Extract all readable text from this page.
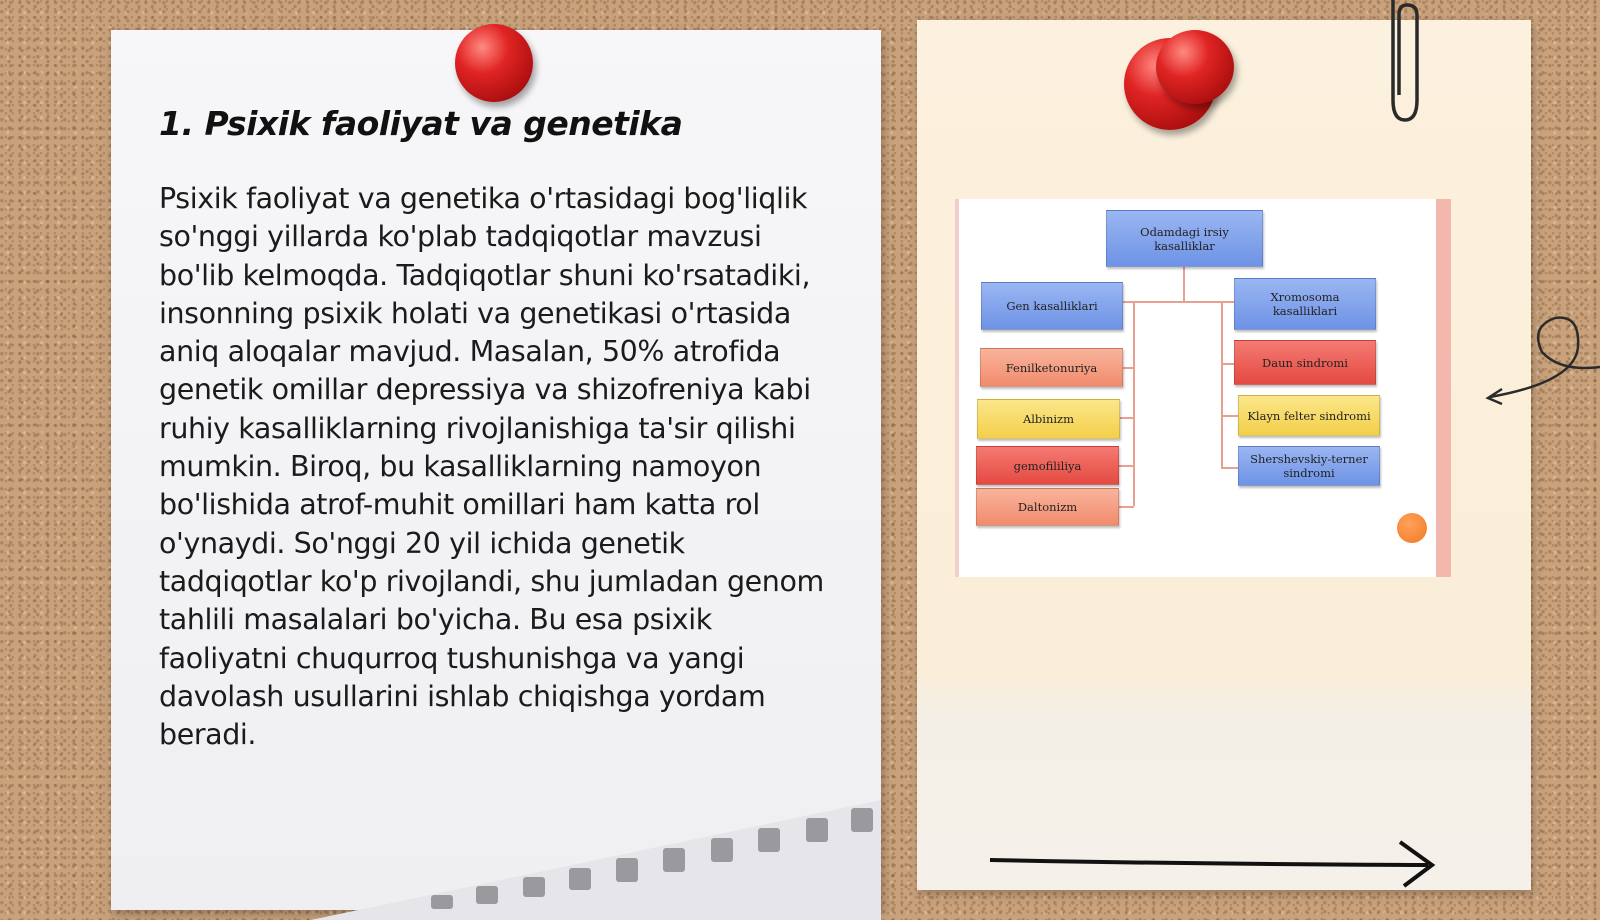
1. Psixik faoliyat va genetika

Psixik faoliyat va genetika o'rtasidagi bog'liqlik so'nggi yillarda ko'plab tadqiqotlar mavzusi bo'lib kelmoqda. Tadqiqotlar shuni ko'rsatadiki, insonning psixik holati va genetikasi o'rtasida aniq aloqalar mavjud. Masalan, 50% atrofida genetik omillar depressiya va shizofreniya kabi ruhiy kasalliklarning rivojlanishiga ta'sir qilishi mumkin. Biroq, bu kasalliklarning namoyon bo'lishida atrof-muhit omillari ham katta rol o'ynaydi. So'nggi 20 yil ichida genetik tadqiqotlar ko'p rivojlandi, shu jumladan genom tahlili masalalari bo'yicha. Bu esa psixik faoliyatni chuqurroq tushunishga va yangi davolash usullarini ishlab chiqishga yordam beradi.

Odamdagi irsiy kasalliklar
Gen kasalliklari
Fenilketonuriya
Albinizm
gemofililiya
Daltonizm
Xromosoma kasalliklari
Daun sindromi
Klayn felter sindromi
Shershevskiy-terner sindromi
